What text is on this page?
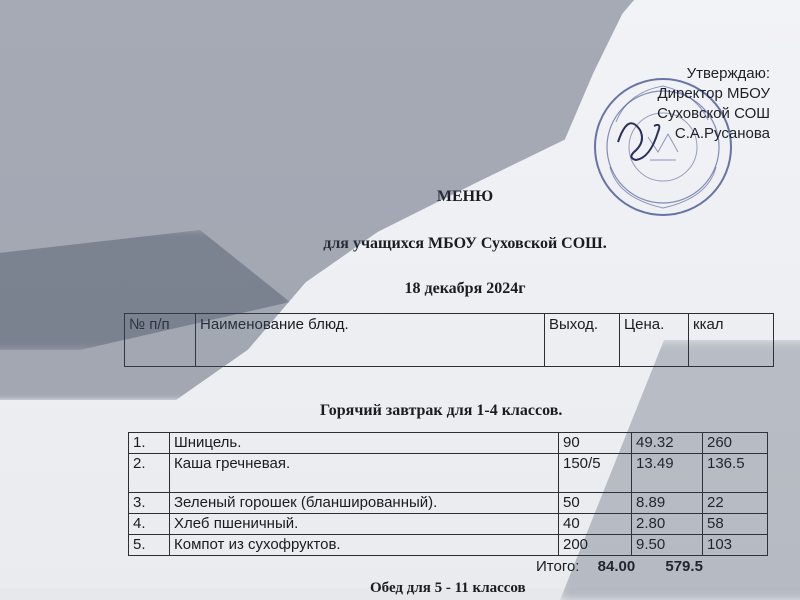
Утверждаю:
Директор МБОУ
Суховской СОШ
С.А.Русанова
МЕНЮ
для учащихся МБОУ Суховской СОШ.
18 декабря 2024г
№ п/п	Наименование блюд.	Выход.	Цена.	ккал
Горячий завтрак для 1-4 классов.
1.	Шницель.	90	49.32	260
2.	Каша гречневая.	150/5	13.49	136.5
3.	Зеленый горошек (бланшированный).	50	8.89	22
4.	Хлеб пшеничный.	40	2.80	58
5.	Компот из сухофруктов.	200	9.50	103
Итого: 84.00 579.5
Обед для 5 - 11 классов
